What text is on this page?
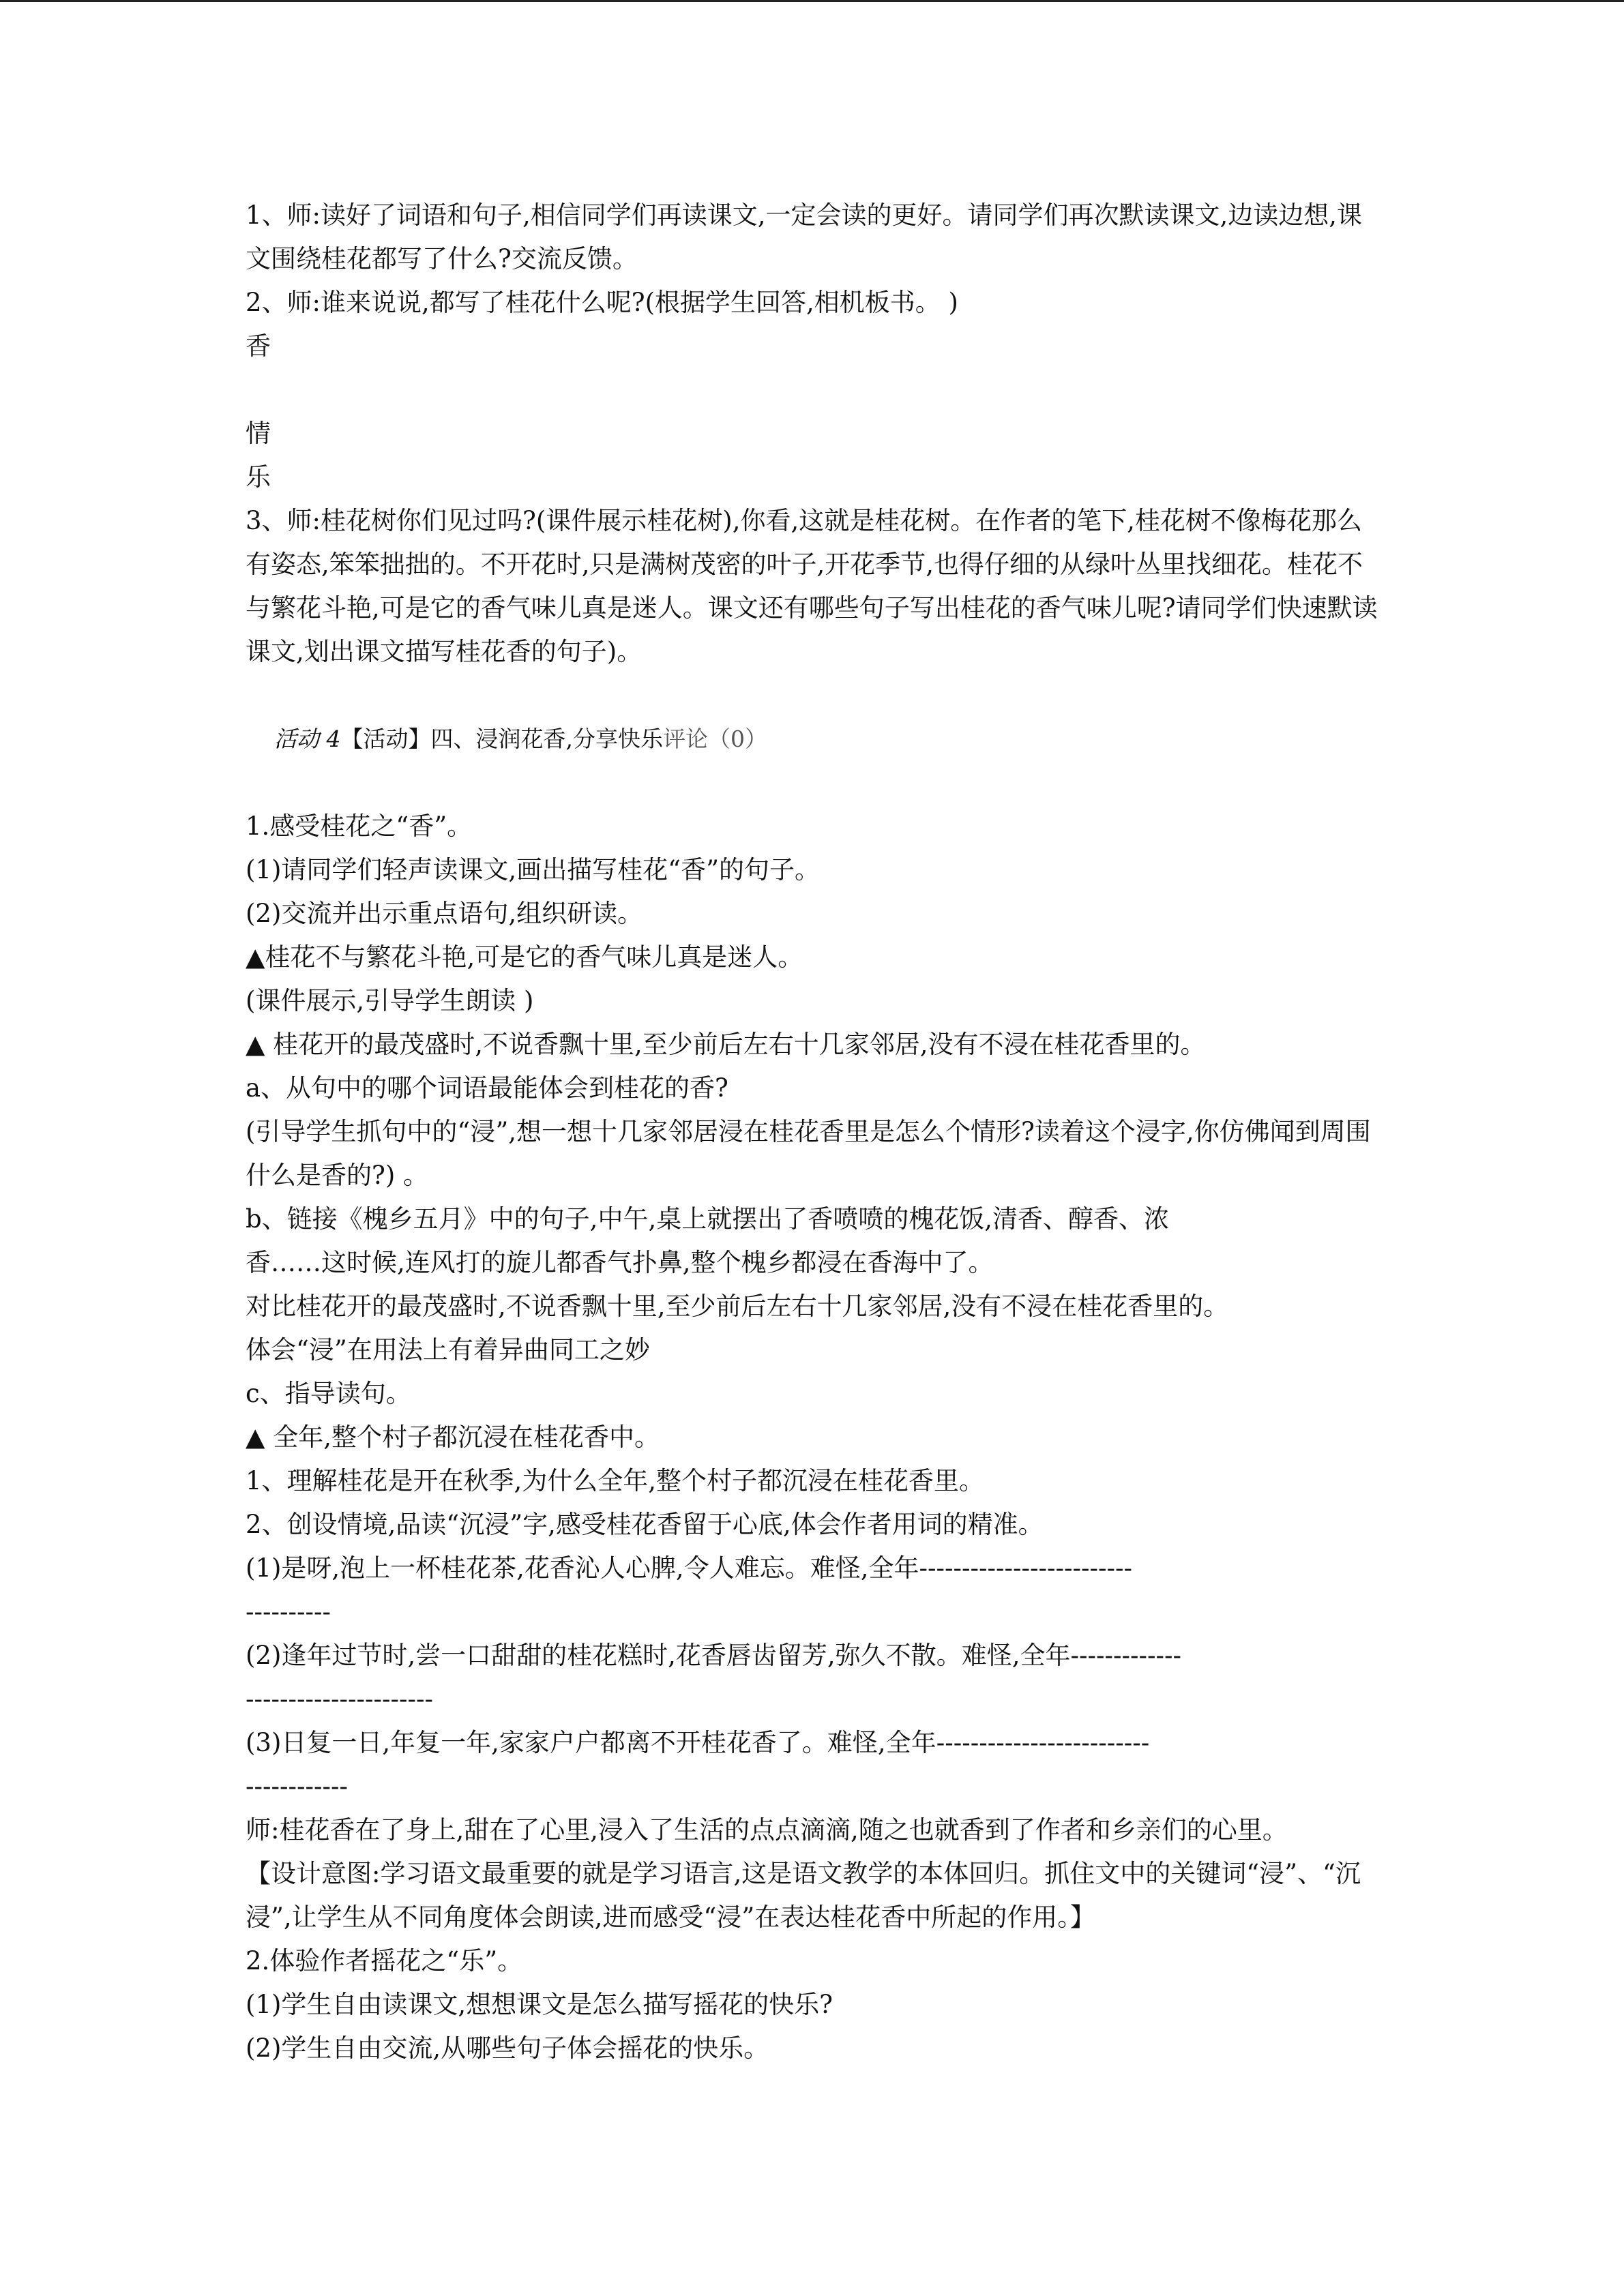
1、师:读好了词语和句子,相信同学们再读课文,一定会读的更好。请同学们再次默读课文,边读边想,课文围绕桂花都写了什么?交流反馈。
2、师:谁来说说,都写了桂花什么呢?(根据学生回答,相机板书。 )
香
情
乐
3、师:桂花树你们见过吗?(课件展示桂花树),你看,这就是桂花树。在作者的笔下,桂花树不像梅花那么有姿态,笨笨拙拙的。不开花时,只是满树茂密的叶子,开花季节,也得仔细的从绿叶丛里找细花。桂花不与繁花斗艳,可是它的香气味儿真是迷人。课文还有哪些句子写出桂花的香气味儿呢?请同学们快速默读课文,划出课文描写桂花香的句子)。

活动 4【活动】四、浸润花香,分享快乐评论（0）

1.感受桂花之“香”。
(1)请同学们轻声读课文,画出描写桂花“香”的句子。
(2)交流并出示重点语句,组织研读。
▲桂花不与繁花斗艳,可是它的香气味儿真是迷人。
(课件展示,引导学生朗读 )
▲ 桂花开的最茂盛时,不说香飘十里,至少前后左右十几家邻居,没有不浸在桂花香里的。
a、从句中的哪个词语最能体会到桂花的香?
(引导学生抓句中的“浸”,想一想十几家邻居浸在桂花香里是怎么个情形?读着这个浸字,你仿佛闻到周围什么是香的?) 。
b、链接《槐乡五月》中的句子,中午,桌上就摆出了香喷喷的槐花饭,清香、醇香、浓
香……这时候,连风打的旋儿都香气扑鼻,整个槐乡都浸在香海中了。
对比桂花开的最茂盛时,不说香飘十里,至少前后左右十几家邻居,没有不浸在桂花香里的。
体会“浸”在用法上有着异曲同工之妙
c、指导读句。
▲ 全年,整个村子都沉浸在桂花香中。
1、理解桂花是开在秋季,为什么全年,整个村子都沉浸在桂花香里。
2、创设情境,品读“沉浸”字,感受桂花香留于心底,体会作者用词的精准。
(1)是呀,泡上一杯桂花茶,花香沁人心脾,令人难忘。难怪,全年-------------------------
----------
(2)逢年过节时,尝一口甜甜的桂花糕时,花香唇齿留芳,弥久不散。难怪,全年-------------
----------------------
(3)日复一日,年复一年,家家户户都离不开桂花香了。难怪,全年-------------------------
------------
师:桂花香在了身上,甜在了心里,浸入了生活的点点滴滴,随之也就香到了作者和乡亲们的心里。
【设计意图:学习语文最重要的就是学习语言,这是语文教学的本体回归。抓住文中的关键词“浸”、“沉浸”,让学生从不同角度体会朗读,进而感受“浸”在表达桂花香中所起的作用。】
2.体验作者摇花之“乐”。
(1)学生自由读课文,想想课文是怎么描写摇花的快乐?
(2)学生自由交流,从哪些句子体会摇花的快乐。
